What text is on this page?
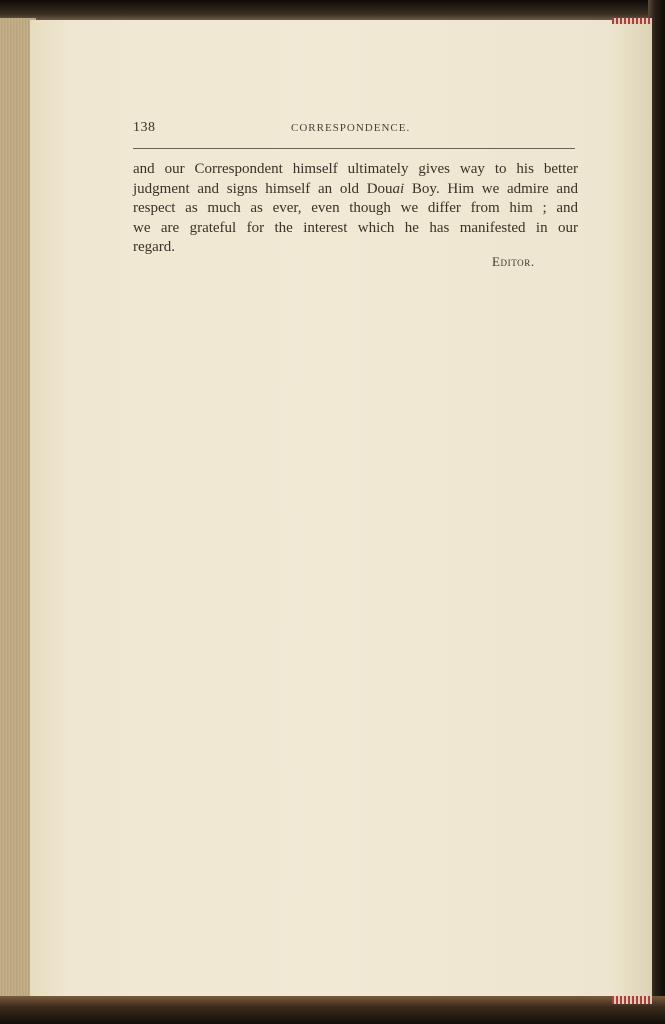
138	CORRESPONDENCE.

and our Correspondent himself ultimately gives way to his better
judgment and signs himself an old Douai Boy. Him we admire and
respect as much as ever, even though we differ from him ; and
we are grateful for the interest which he has manifested in our
regard.

Editor.
